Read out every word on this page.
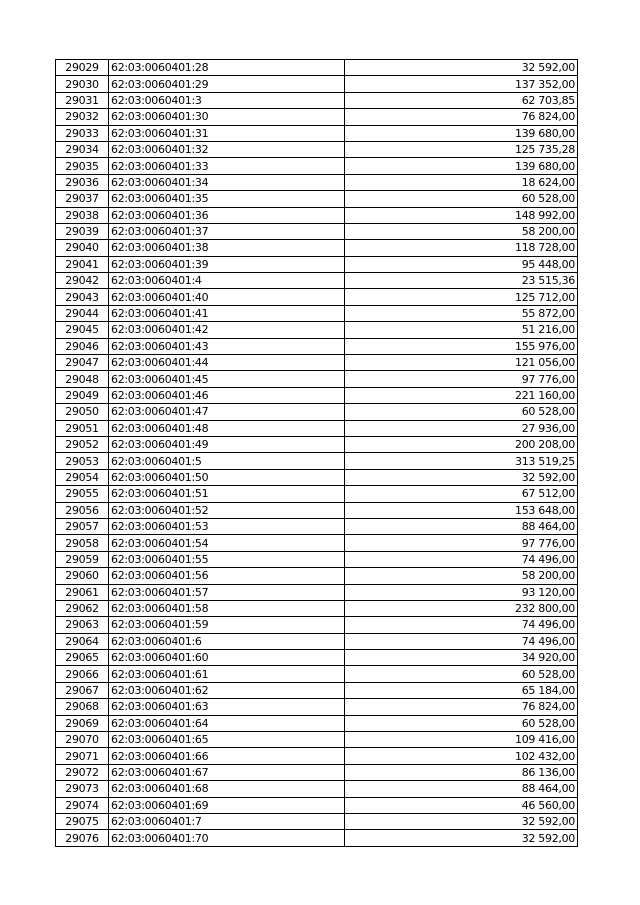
29029	62:03:0060401:28	32 592,00
29030	62:03:0060401:29	137 352,00
29031	62:03:0060401:3	62 703,85
29032	62:03:0060401:30	76 824,00
29033	62:03:0060401:31	139 680,00
29034	62:03:0060401:32	125 735,28
29035	62:03:0060401:33	139 680,00
29036	62:03:0060401:34	18 624,00
29037	62:03:0060401:35	60 528,00
29038	62:03:0060401:36	148 992,00
29039	62:03:0060401:37	58 200,00
29040	62:03:0060401:38	118 728,00
29041	62:03:0060401:39	95 448,00
29042	62:03:0060401:4	23 515,36
29043	62:03:0060401:40	125 712,00
29044	62:03:0060401:41	55 872,00
29045	62:03:0060401:42	51 216,00
29046	62:03:0060401:43	155 976,00
29047	62:03:0060401:44	121 056,00
29048	62:03:0060401:45	97 776,00
29049	62:03:0060401:46	221 160,00
29050	62:03:0060401:47	60 528,00
29051	62:03:0060401:48	27 936,00
29052	62:03:0060401:49	200 208,00
29053	62:03:0060401:5	313 519,25
29054	62:03:0060401:50	32 592,00
29055	62:03:0060401:51	67 512,00
29056	62:03:0060401:52	153 648,00
29057	62:03:0060401:53	88 464,00
29058	62:03:0060401:54	97 776,00
29059	62:03:0060401:55	74 496,00
29060	62:03:0060401:56	58 200,00
29061	62:03:0060401:57	93 120,00
29062	62:03:0060401:58	232 800,00
29063	62:03:0060401:59	74 496,00
29064	62:03:0060401:6	74 496,00
29065	62:03:0060401:60	34 920,00
29066	62:03:0060401:61	60 528,00
29067	62:03:0060401:62	65 184,00
29068	62:03:0060401:63	76 824,00
29069	62:03:0060401:64	60 528,00
29070	62:03:0060401:65	109 416,00
29071	62:03:0060401:66	102 432,00
29072	62:03:0060401:67	86 136,00
29073	62:03:0060401:68	88 464,00
29074	62:03:0060401:69	46 560,00
29075	62:03:0060401:7	32 592,00
29076	62:03:0060401:70	32 592,00
